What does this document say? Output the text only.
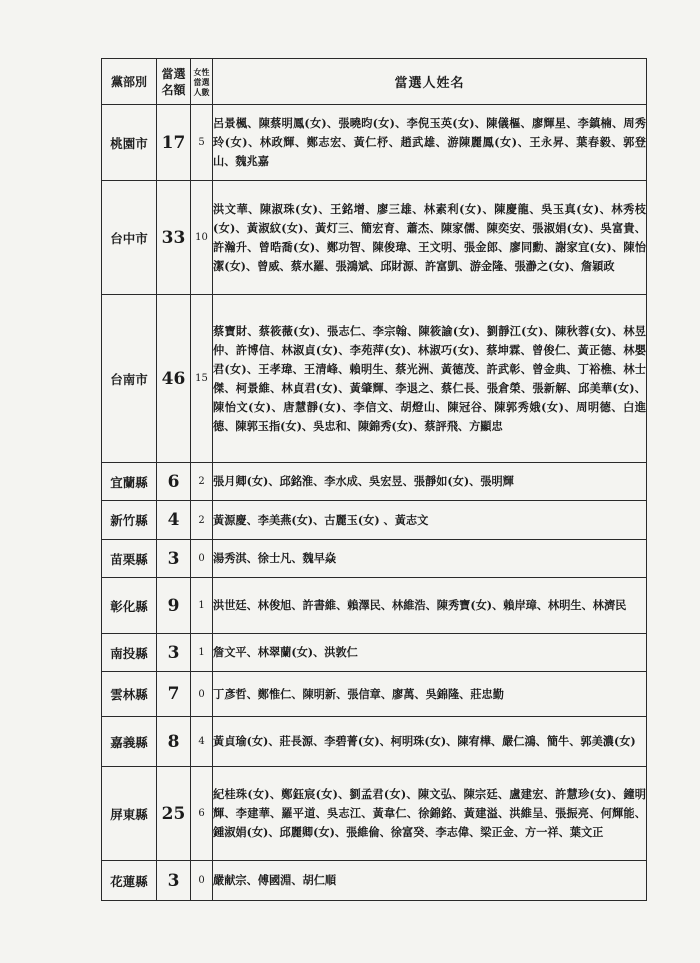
黨部別	當選名額	女性當選人數	當選人姓名
桃園市	17	5	呂景楓、陳蔡明鳳(女)、張曉昀(女)、李倪玉英(女)、陳儀樞、廖輝星、李鎮楠、周秀玲(女)、林政輝、鄭志宏、黃仁杼、趙武雄、游陳麗鳳(女)、王永昇、葉春毅、郭登山、魏兆嘉
台中市	33	10	洪文華、陳淑珠(女)、王銘增、廖三雄、林素利(女)、陳慶龍、吳玉真(女)、林秀枝(女)、黃淑紋(女)、黃灯三、簡宏育、蕭杰、陳家儒、陳奕安、張淑娟(女)、吳富貴、許瀚升、曾晧喬(女)、鄭功智、陳俊瑋、王文明、張金郎、廖同勳、謝家宜(女)、陳怡潔(女)、曾威、蔡水羅、張鴻斌、邱財源、許富凱、游金隆、張瀞之(女)、詹穎政
台南市	46	15	蔡寶財、蔡筱薇(女)、張志仁、李宗翰、陳筱諭(女)、劉靜江(女)、陳秋蓉(女)、林昱仲、許博信、林淑貞(女)、李苑萍(女)、林淑巧(女)、蔡坤霖、曾俊仁、黃正德、林嬰君(女)、王孝瑋、王清峰、賴明生、蔡光洲、黃德茂、許武彰、曾金典、丁裕樵、林士傑、柯景維、林貞君(女)、黃肇輝、李退之、蔡仁長、張倉榮、張新解、邱美華(女)、陳怡文(女)、唐慧靜(女)、李信文、胡燈山、陳冠谷、陳郭秀娥(女)、周明德、白進德、陳郭玉指(女)、吳忠和、陳錦秀(女)、蔡評飛、方顯忠
宜蘭縣	6	2	張月卿(女)、邱銘淮、李水成、吳宏昱、張靜如(女)、張明輝
新竹縣	4	2	黃源慶、李美燕(女)、古麗玉(女) 、黃志文
苗栗縣	3	0	湯秀淇、徐士凡、魏早焱
彰化縣	9	1	洪世廷、林俊旭、許書維、賴澤民、林維浩、陳秀寶(女)、賴岸璋、林明生、林濟民
南投縣	3	1	詹文平、林翠蘭(女)、洪敦仁
雲林縣	7	0	丁彥哲、鄭惟仁、陳明新、張信章、廖萬、吳錦隆、莊忠勤
嘉義縣	8	4	黃貞瑜(女)、莊長源、李碧菁(女)、柯明珠(女)、陳宥樺、嚴仁鴻、簡牛、郭美濃(女)
屏東縣	25	6	紀桂珠(女)、鄭鈺宸(女)、劉孟君(女)、陳文弘、陳宗廷、盧建宏、許慧珍(女)、鐘明輝、李建華、羅平道、吳志江、黃韋仁、徐錦銘、黃建溢、洪維呈、張振亮、何輝能、鍾淑娟(女)、邱麗卿(女)、張維倫、徐富癸、李志偉、梁正金、方一祥、葉文正
花蓮縣	3	0	嚴献宗、傅國淵、胡仁順
